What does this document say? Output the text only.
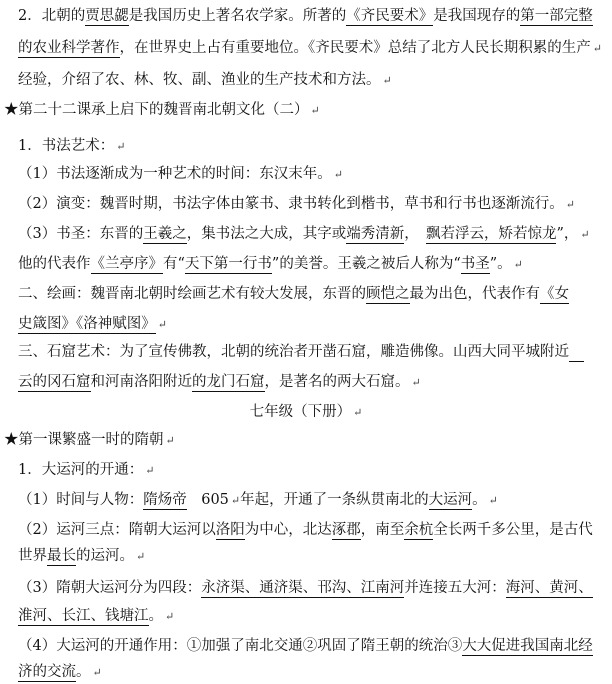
2．北朝的贾思勰是我国历史上著名农学家。所著的《齐民要术》是我国现存的第一部完整
的农业科学著作，在世界史上占有重要地位。《齐民要术》总结了北方人民长期积累的生产 ↵
经验，介绍了农、林、牧、副、渔业的生产技术和方法。 ↵
★第二十二课承上启下的魏晋南北朝文化（二） ↵
1．书法艺术： ↵
（1）书法逐渐成为一种艺术的时间：东汉末年。 ↵
（2）演变：魏晋时期，书法字体由篆书、隶书转化到楷书，草书和行书也逐渐流行。 ↵
（3）书圣：东晋的王羲之，集书法之大成，其字或端秀清新，　飘若浮云，矫若惊龙”， ↵
他的代表作《兰亭序》有“天下第一行书”的美誉。王羲之被后人称为“书圣”。 ↵
二、绘画：魏晋南北朝时绘画艺术有较大发展，东晋的顾恺之最为出色，代表作有《女
史箴图》《洛神赋图》 ↵
三、石窟艺术：为了宣传佛教，北朝的统治者开凿石窟，雕造佛像。山西大同平城附近　
云的冈石窟和河南洛阳附近的龙门石窟，是著名的两大石窟。 ↵
七年级（下册） ↵
★第一课繁盛一时的隋朝 ↵
1．大运河的开通： ↵
（1）时间与人物：隋炀帝　 605 ↵年起，开通了一条纵贯南北的大运河。 ↵
（2）运河三点：隋朝大运河以洛阳为中心，北达涿郡，南至余杭全长两千多公里，是古代
世界最长的运河。 ↵
（3）隋朝大运河分为四段：永济渠、通济渠、邗沟、江南河并连接五大河：海河、黄河、
淮河、长江、钱塘江。 ↵
（4）大运河的开通作用：①加强了南北交通②巩固了隋王朝的统治③大大促进我国南北经
济的交流。 ↵
